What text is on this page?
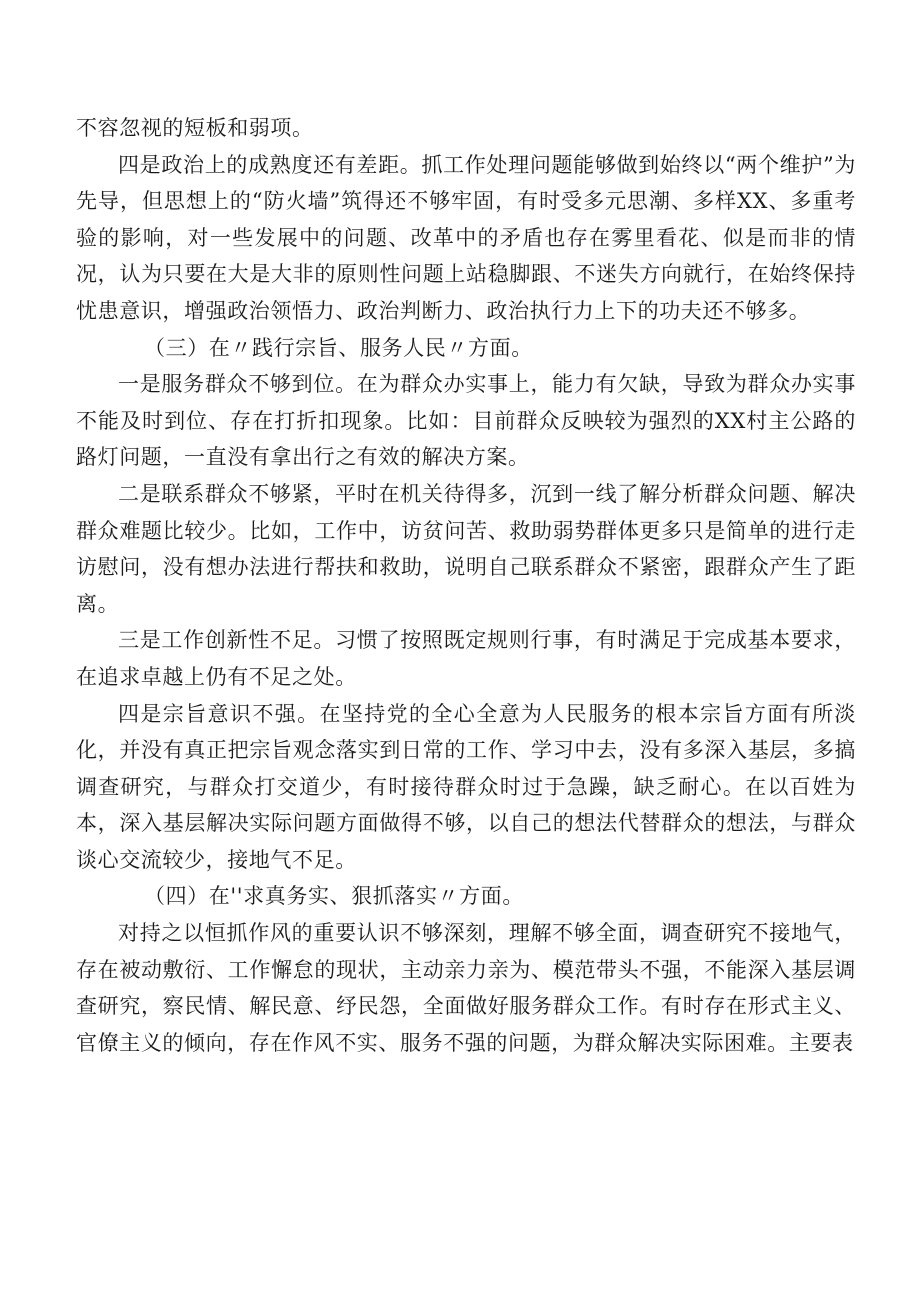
不容忽视的短板和弱项。

四是政治上的成熟度还有差距。抓工作处理问题能够做到始终以“两个维护”为先导，但思想上的“防火墙”筑得还不够牢固，有时受多元思潮、多样XX、多重考验的影响，对一些发展中的问题、改革中的矛盾也存在雾里看花、似是而非的情况，认为只要在大是大非的原则性问题上站稳脚跟、不迷失方向就行，在始终保持忧患意识，增强政治领悟力、政治判断力、政治执行力上下的功夫还不够多。

（三）在〃践行宗旨、服务人民〃方面。

一是服务群众不够到位。在为群众办实事上，能力有欠缺，导致为群众办实事不能及时到位、存在打折扣现象。比如：目前群众反映较为强烈的XX村主公路的路灯问题，一直没有拿出行之有效的解决方案。

二是联系群众不够紧，平时在机关待得多，沉到一线了解分析群众问题、解决群众难题比较少。比如，工作中，访贫问苦、救助弱势群体更多只是简单的进行走访慰问，没有想办法进行帮扶和救助，说明自己联系群众不紧密，跟群众产生了距离。

三是工作创新性不足。习惯了按照既定规则行事，有时满足于完成基本要求，在追求卓越上仍有不足之处。

四是宗旨意识不强。在坚持党的全心全意为人民服务的根本宗旨方面有所淡化，并没有真正把宗旨观念落实到日常的工作、学习中去，没有多深入基层，多搞调查研究，与群众打交道少，有时接待群众时过于急躁，缺乏耐心。在以百姓为本，深入基层解决实际问题方面做得不够，以自己的想法代替群众的想法，与群众谈心交流较少，接地气不足。

（四）在''求真务实、狠抓落实〃方面。

对持之以恒抓作风的重要认识不够深刻，理解不够全面，调查研究不接地气，存在被动敷衍、工作懈怠的现状，主动亲力亲为、模范带头不强，不能深入基层调查研究，察民情、解民意、纾民怨，全面做好服务群众工作。有时存在形式主义、官僚主义的倾向，存在作风不实、服务不强的问题，为群众解决实际困难。主要表
